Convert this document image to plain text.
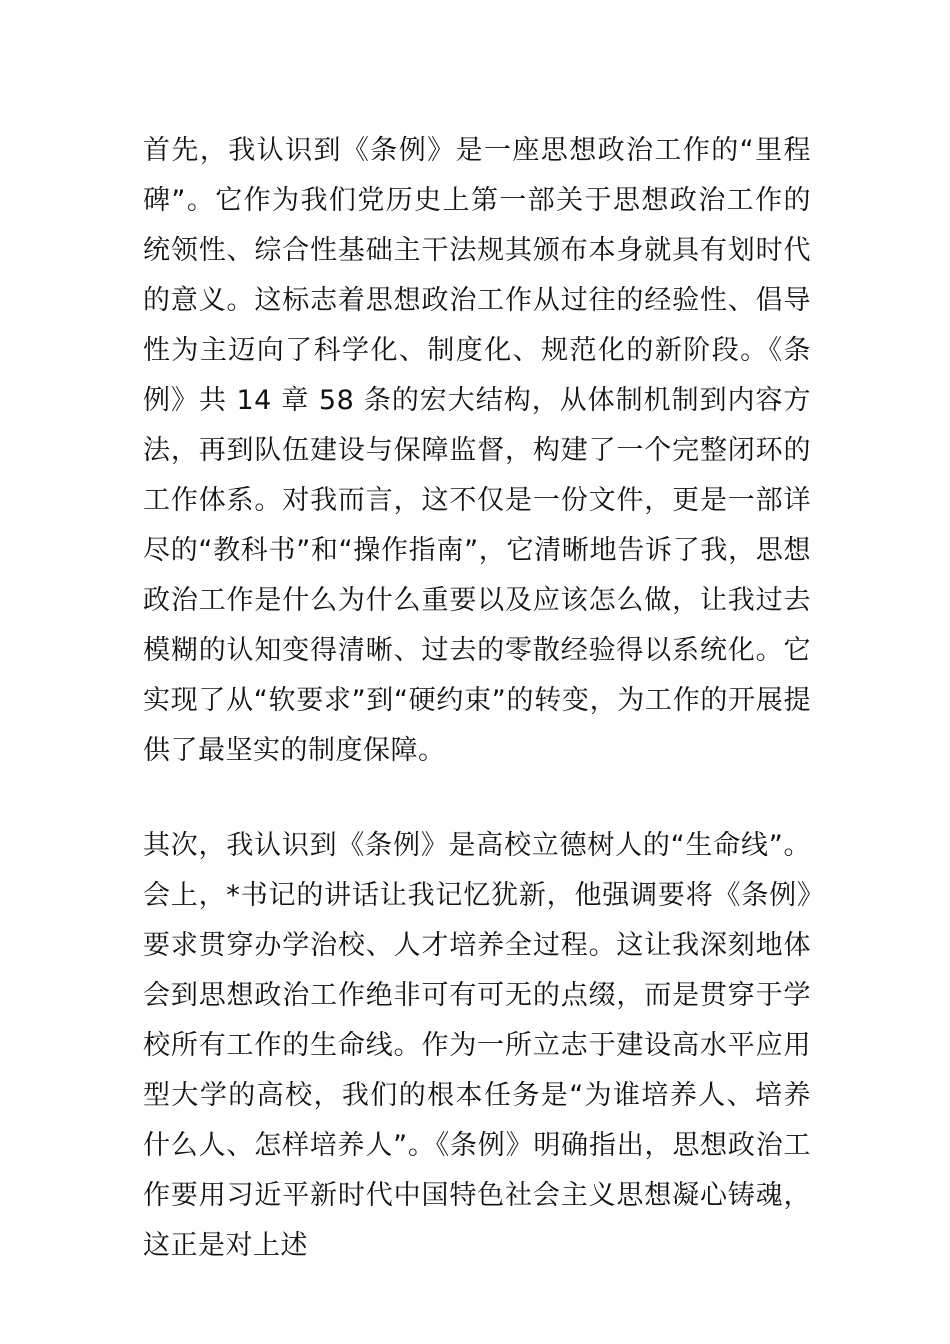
首先，我认识到《条例》是一座思想政治工作的“里程碑”。它作为我们党历史上第一部关于思想政治工作的统领性、综合性基础主干法规其颁布本身就具有划时代的意义。这标志着思想政治工作从过往的经验性、倡导性为主迈向了科学化、制度化、规范化的新阶段。《条例》共 14 章 58 条的宏大结构，从体制机制到内容方法，再到队伍建设与保障监督，构建了一个完整闭环的工作体系。对我而言，这不仅是一份文件，更是一部详尽的“教科书”和“操作指南”，它清晰地告诉了我，思想政治工作是什么为什么重要以及应该怎么做，让我过去模糊的认知变得清晰、过去的零散经验得以系统化。它实现了从“软要求”到“硬约束”的转变，为工作的开展提供了最坚实的制度保障。

其次，我认识到《条例》是高校立德树人的“生命线”。会上，*书记的讲话让我记忆犹新，他强调要将《条例》要求贯穿办学治校、人才培养全过程。这让我深刻地体会到思想政治工作绝非可有可无的点缀，而是贯穿于学校所有工作的生命线。作为一所立志于建设高水平应用型大学的高校，我们的根本任务是“为谁培养人、培养什么人、怎样培养人”。《条例》明确指出，思想政治工作要用习近平新时代中国特色社会主义思想凝心铸魂，这正是对上述
